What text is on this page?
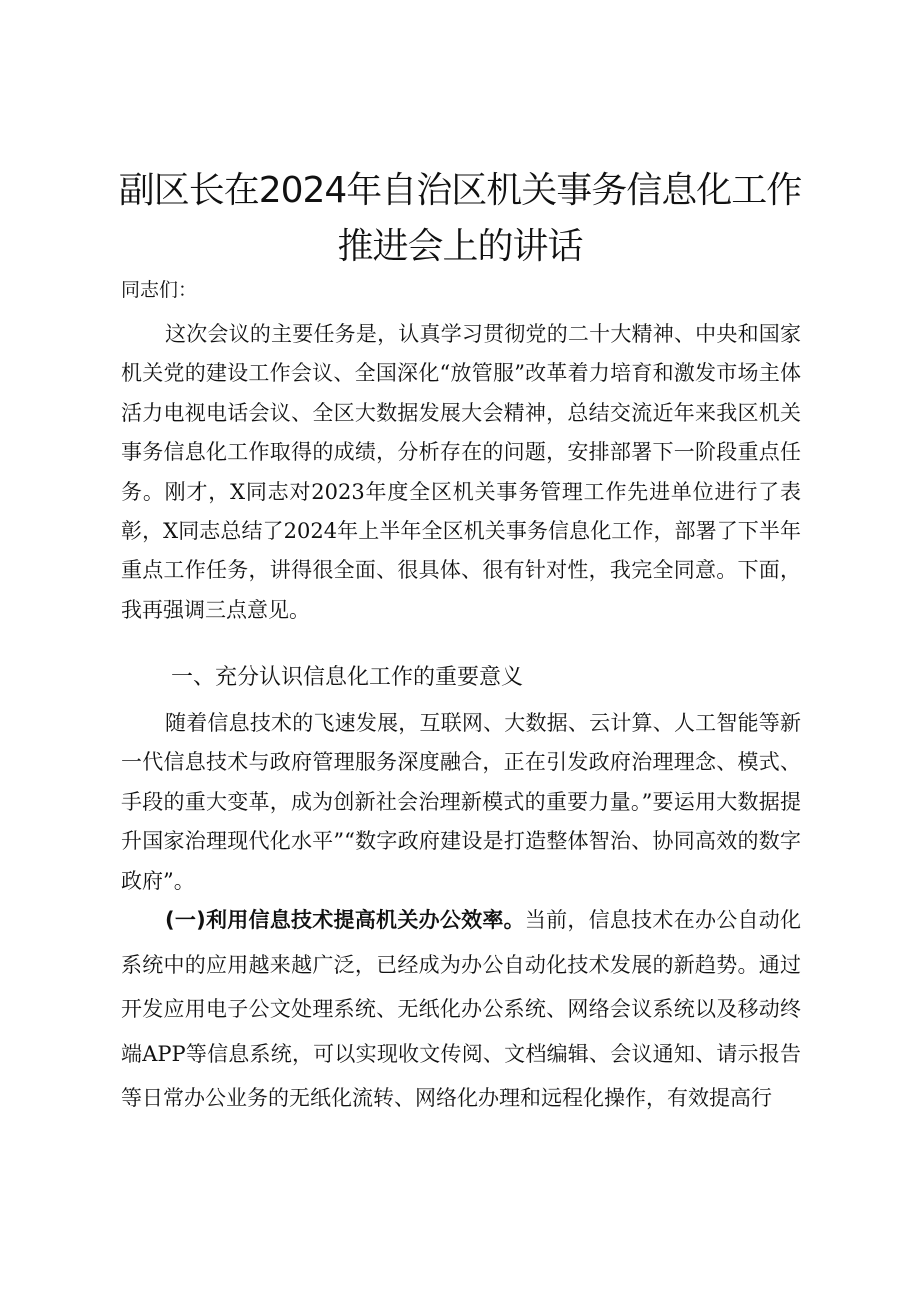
副区长在2024年自治区机关事务信息化工作
推进会上的讲话
同志们：

这次会议的主要任务是，认真学习贯彻党的二十大精神、中央和国家机关党的建设工作会议、全国深化“放管服”改革着力培育和激发市场主体活力电视电话会议、全区大数据发展大会精神，总结交流近年来我区机关事务信息化工作取得的成绩，分析存在的问题，安排部署下一阶段重点任务。刚才，X同志对2023年度全区机关事务管理工作先进单位进行了表彰，X同志总结了2024年上半年全区机关事务信息化工作，部署了下半年重点工作任务，讲得很全面、很具体、很有针对性，我完全同意。下面，我再强调三点意见。

一、充分认识信息化工作的重要意义

随着信息技术的飞速发展，互联网、大数据、云计算、人工智能等新一代信息技术与政府管理服务深度融合，正在引发政府治理理念、模式、手段的重大变革，成为创新社会治理新模式的重要力量。”要运用大数据提升国家治理现代化水平”“数字政府建设是打造整体智治、协同高效的数字政府”。

(一)利用信息技术提高机关办公效率。当前，信息技术在办公自动化系统中的应用越来越广泛，已经成为办公自动化技术发展的新趋势。通过开发应用电子公文处理系统、无纸化办公系统、网络会议系统以及移动终端APP等信息系统，可以实现收文传阅、文档编辑、会议通知、请示报告等日常办公业务的无纸化流转、网络化办理和远程化操作，有效提高行
